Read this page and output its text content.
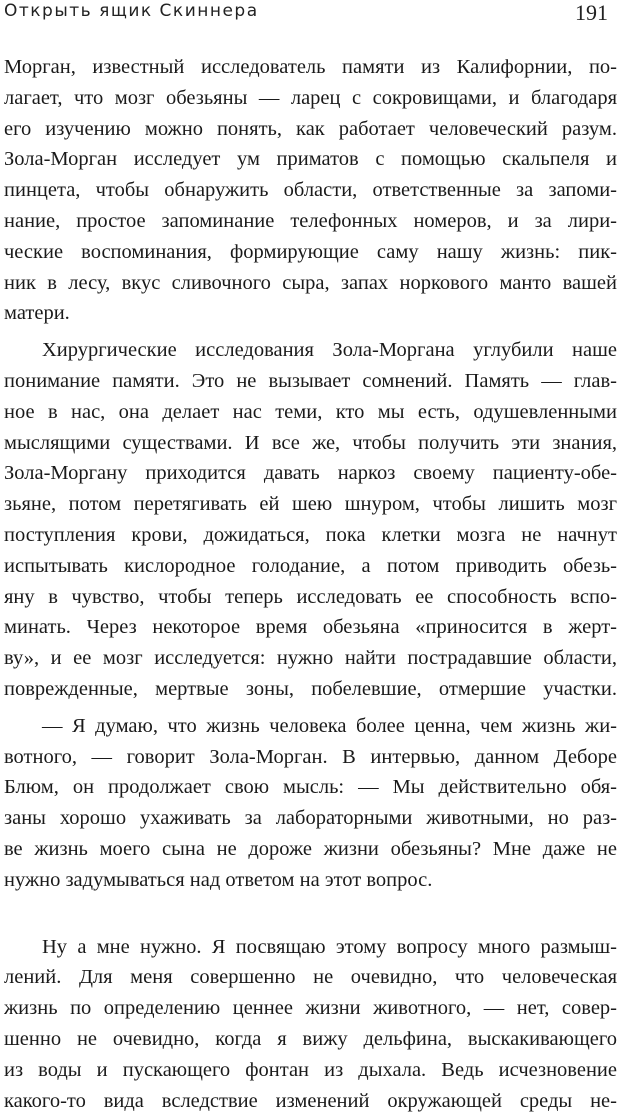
Открыть ящик Скиннера	191
Морган, известный исследователь памяти из Калифорнии, по-
лагает, что мозг обезьяны — ларец с сокровищами, и благодаря
его изучению можно понять, как работает человеческий разум.
Зола-Морган исследует ум приматов с помощью скальпеля и
пинцета, чтобы обнаружить области, ответственные за запоми-
нание, простое запоминание телефонных номеров, и за лири-
ческие воспоминания, формирующие саму нашу жизнь: пик-
ник в лесу, вкус сливочного сыра, запах норкового манто вашей
матери.
Хирургические исследования Зола-Моргана углубили наше
понимание памяти. Это не вызывает сомнений. Память — глав-
ное в нас, она делает нас теми, кто мы есть, одушевленными
мыслящими существами. И все же, чтобы получить эти знания,
Зола-Моргану приходится давать наркоз своему пациенту-обе-
зьяне, потом перетягивать ей шею шнуром, чтобы лишить мозг
поступления крови, дожидаться, пока клетки мозга не начнут
испытывать кислородное голодание, а потом приводить обезь-
яну в чувство, чтобы теперь исследовать ее способность вспо-
минать. Через некоторое время обезьяна «приносится в жерт-
ву», и ее мозг исследуется: нужно найти пострадавшие области,
поврежденные, мертвые зоны, побелевшие, отмершие участки.
— Я думаю, что жизнь человека более ценна, чем жизнь жи-
вотного, — говорит Зола-Морган. В интервью, данном Деборе
Блюм, он продолжает свою мысль: — Мы действительно обя-
заны хорошо ухаживать за лабораторными животными, но раз-
ве жизнь моего сына не дороже жизни обезьяны? Мне даже не
нужно задумываться над ответом на этот вопрос.
Ну а мне нужно. Я посвящаю этому вопросу много размыш-
лений. Для меня совершенно не очевидно, что человеческая
жизнь по определению ценнее жизни животного, — нет, совер-
шенно не очевидно, когда я вижу дельфина, выскакивающего
из воды и пускающего фонтан из дыхала. Ведь исчезновение
какого-то вида вследствие изменений окружающей среды не-
